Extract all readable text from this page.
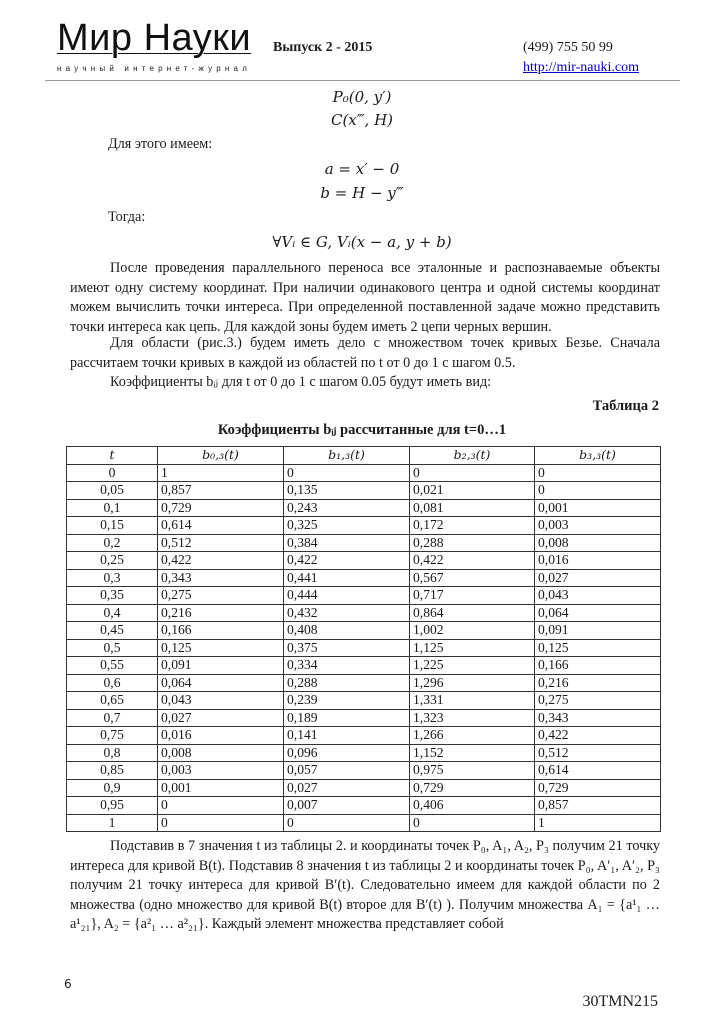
Мир Науки
научный интернет-журнал
Выпуск 2 - 2015	(499) 755 50 99
http://mir-nauki.com
P₀(0, y′)
C(x‴, H)
Для этого имеем:
a = x′ − 0
b = H − y‴
Тогда:
∀Vᵢ ∈ G, Vᵢ(x − a, y + b)
После проведения параллельного переноса все эталонные и распознаваемые объекты имеют одну систему координат. При наличии одинакового центра и одной системы координат можем вычислить точки интереса. При определенной поставленной задаче можно представить точки интереса как цепь. Для каждой зоны будем иметь 2 цепи черных вершин.
Для области (рис.3.) будем иметь дело с множеством точек кривых Безье. Сначала рассчитаем точки кривых в каждой из областей по t от 0 до 1 с шагом 0.5.
Коэффициенты bᵢⱼ для t от 0 до 1 с шагом 0.05 будут иметь вид:
Таблица 2
Коэффициенты bᵢⱼ рассчитанные для t=0…1
t	b₀,₃(t)	b₁,₃(t)	b₂,₃(t)	b₃,₃(t)
0	1	0	0	0
0,05	0,857	0,135	0,021	0
0,1	0,729	0,243	0,081	0,001
0,15	0,614	0,325	0,172	0,003
0,2	0,512	0,384	0,288	0,008
0,25	0,422	0,422	0,422	0,016
0,3	0,343	0,441	0,567	0,027
0,35	0,275	0,444	0,717	0,043
0,4	0,216	0,432	0,864	0,064
0,45	0,166	0,408	1,002	0,091
0,5	0,125	0,375	1,125	0,125
0,55	0,091	0,334	1,225	0,166
0,6	0,064	0,288	1,296	0,216
0,65	0,043	0,239	1,331	0,275
0,7	0,027	0,189	1,323	0,343
0,75	0,016	0,141	1,266	0,422
0,8	0,008	0,096	1,152	0,512
0,85	0,003	0,057	0,975	0,614
0,9	0,001	0,027	0,729	0,729
0,95	0	0,007	0,406	0,857
1	0	0	0	1
Подставив в 7 значения t из таблицы 2. и координаты точек P₀, A₁, A₂, P₃ получим 21 точку интереса для кривой B(t). Подставив 8 значения t из таблицы 2 и координаты точек P₀, A′₁, A′₂, P₃ получим 21 точку интереса для кривой B′(t). Следовательно имеем для каждой области по 2 множества (одно множество для кривой B(t) второе для B′(t) ). Получим множества A₁ = {a¹₁ … a¹₂₁}, A₂ = {a²₁ … a²₂₁}. Каждый элемент множества представляет собой
6
30TMN215
